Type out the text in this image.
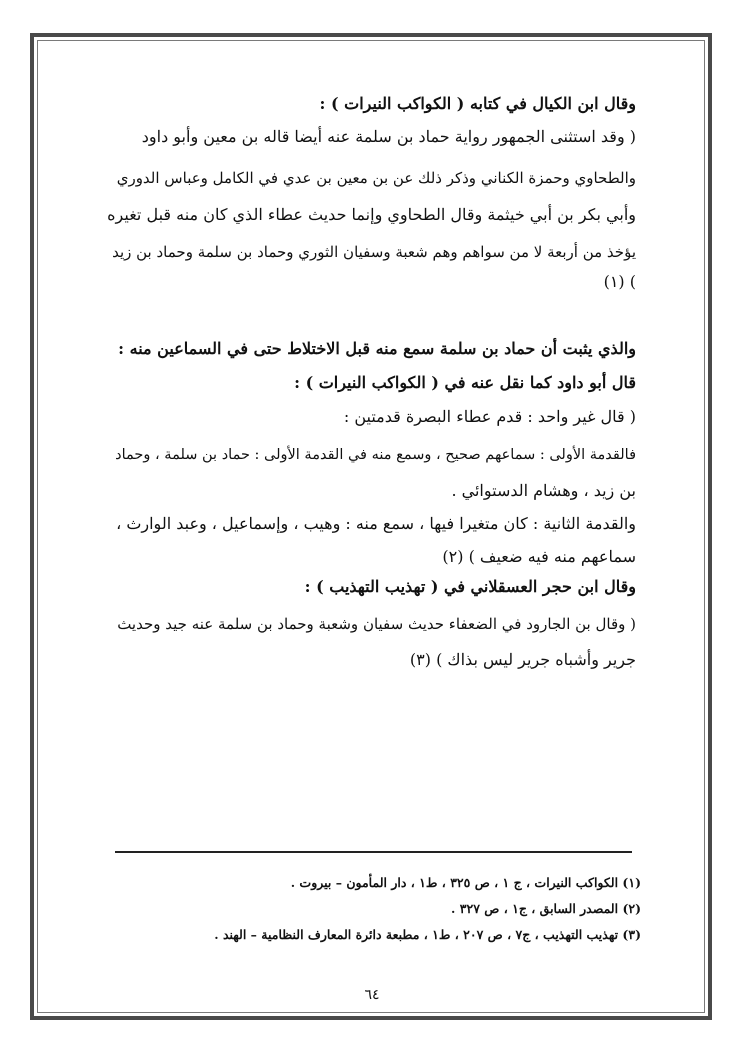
وقال ابن الكيال في كتابه ( الكواكب النيرات ) :
( وقد استثنى الجمهور رواية حماد بن سلمة عنه أيضا قاله بن معين وأبو داود
والطحاوي وحمزة الكناني وذكر ذلك عن بن معين بن عدي في الكامل وعباس الدوري
وأبي بكر بن أبي خيثمة وقال الطحاوي وإنما حديث عطاء الذي كان منه قبل تغيره
يؤخذ من أربعة لا من سواهم وهم شعبة وسفيان الثوري وحماد بن سلمة وحماد بن زيد
) (١)
والذي يثبت أن حماد بن سلمة سمع منه قبل الاختلاط حتى في السماعين منه :
قال أبو داود كما نقل عنه في ( الكواكب النيرات ) :
( قال غير واحد : قدم عطاء البصرة قدمتين :
فالقدمة الأولى : سماعهم صحيح ، وسمع منه في القدمة الأولى : حماد بن سلمة ، وحماد
بن زيد ، وهشام الدستوائي .
والقدمة الثانية : كان متغيرا فيها ، سمع منه : وهيب ، وإسماعيل ، وعبد الوارث ،
سماعهم منه فيه ضعيف ) (٢)
وقال ابن حجر العسقلاني في ( تهذيب التهذيب ) :
( وقال بن الجارود في الضعفاء حديث سفيان وشعبة وحماد بن سلمة عنه جيد وحديث
جرير وأشباه جرير ليس بذاك ) (٣)
(١) الكواكب النيرات ، ج ١ ، ص ٣٢٥ ، ط١ ، دار المأمون – بيروت .
(٢) المصدر السابق ، ج١ ، ص ٣٢٧ .
(٣) تهذيب التهذيب ، ج٧ ، ص ٢٠٧ ، ط١ ، مطبعة دائرة المعارف النظامية – الهند .
٦٤
